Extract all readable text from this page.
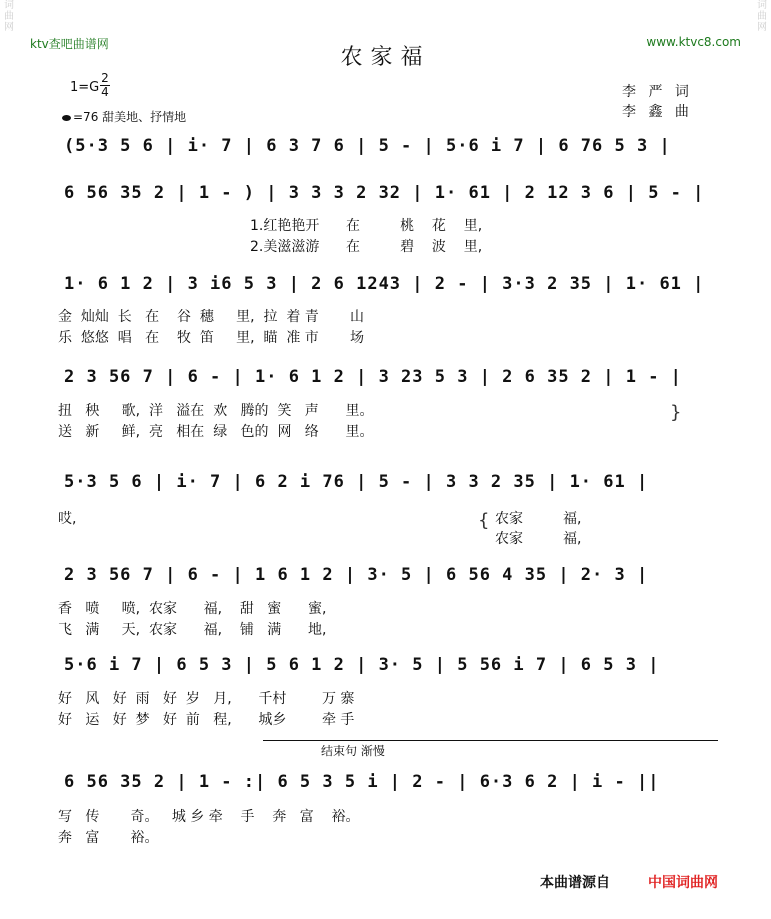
词曲网
词曲网
ktv查吧曲谱网	www.ktvc8.com
农家福
1=G
2
4
=76 甜美地、抒情地
李 严 词
李 鑫 曲
(5·3 5 6 | i· 7 | 6 3 7 6 | 5 - | 5·6 i 7 | 6 76 5 3 |
6 56 35 2 | 1 - ) | 3 3 3 2 32 | 1· 61 | 2 12 3 6 | 5 - |
1.红艳艳开      在         桃    花    里,
2.美滋滋游      在         碧    波    里,
1· 6 1 2 | 3 i6 5 3 | 2 6 1243 | 2 - | 3·3 2 35 | 1· 61 |
金  灿灿  长   在    谷  穗     里,  拉  着 青       山
乐  悠悠  唱   在    牧  笛     里,  瞄  准 市       场
2 3 56 7 | 6 - | 1· 6 1 2 | 3 23 5 3 | 2 6 35 2 | 1 - |
扭   秧     歌,  洋   溢在  欢   腾的  笑   声      里。
送   新     鲜,  亮   相在  绿   色的  网   络      里。
}
5·3 5 6 | i· 7 | 6 2 i 76 | 5 - | 3 3 2 35 | 1· 61 |
哎,	{ 农家         福,
农家         福,
2 3 56 7 | 6 - | 1 6 1 2 | 3· 5 | 6 56 4 35 | 2· 3 |
香   喷     喷,  农家      福,    甜   蜜      蜜,
飞   满     天,  农家      福,    铺   满      地,
5·6 i 7 | 6 5 3 | 5 6 1 2 | 3· 5 | 5 56 i 7 | 6 5 3 |
好   风   好  雨   好  岁   月,      千村        万 寨
好   运   好  梦   好  前   程,      城乡        牵 手
结束句 渐慢
6 56 35 2 | 1 - :| 6 5 3 5 i | 2 - | 6·3 6 2 | i - ||
写   传       奇。   城 乡 牵    手    奔   富    裕。
奔   富       裕。
本曲谱源自	中国词曲网
